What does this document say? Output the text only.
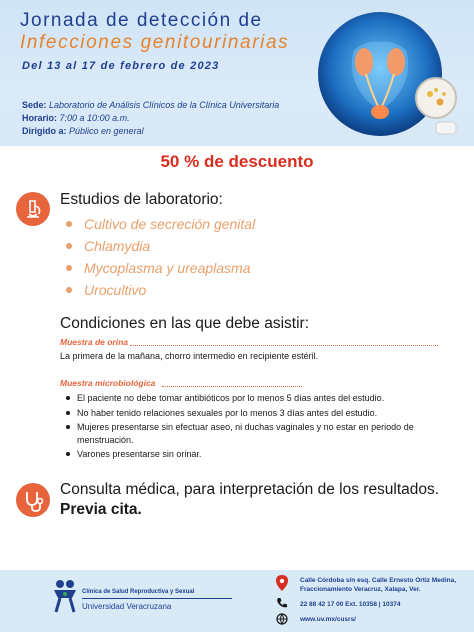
Jornada de detección de
Infecciones genitourinarias
Del 13 al 17 de febrero de 2023
Sede: Laboratorio de Análisis Clínicos de la Clínica Universitaria
Horario: 7:00 a 10:00 a.m.
Dirigido a: Público en general
50 % de descuento
Estudios de laboratorio:
Cultivo de secreción genital
Chlamydia
Mycoplasma y ureaplasma
Urocultivo
Condiciones en las que debe asistir:
Muestra de orina
La primera de la mañana, chorro intermedio en recipiente estéril.
Muestra microbiológica
El paciente no debe tomar antibióticos por lo menos 5 días antes del estudio.
No haber tenido relaciones sexuales por lo menos 3 días antes del estudio.
Mujeres presentarse sin efectuar aseo, ni duchas vaginales y no estar en periodo de menstruación.
Varones presentarse sin orinar.
Consulta médica, para interpretación de los resultados.
Previa cita.
Clínica de Salud Reproductiva y Sexual
Universidad Veracruzana
Calle Córdoba s/n esq. Calle Ernesto Ortiz Medina,
Fraccionamiento Veracruz, Xalapa, Ver.
22 88 42 17 00 Ext. 10358 | 10374
www.uv.mx/cusrs/
